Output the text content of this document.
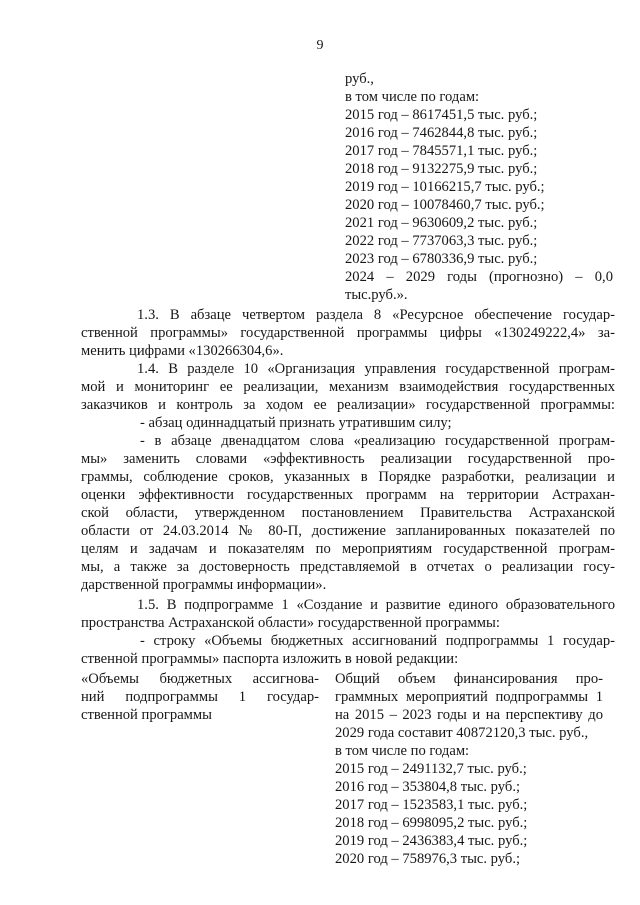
9
руб.,
в том числе по годам:
2015 год – 8617451,5 тыс. руб.;
2016 год – 7462844,8 тыс. руб.;
2017 год – 7845571,1 тыс. руб.;
2018 год – 9132275,9 тыс. руб.;
2019 год – 10166215,7 тыс. руб.;
2020 год – 10078460,7 тыс. руб.;
2021 год – 9630609,2 тыс. руб.;
2022 год – 7737063,3 тыс. руб.;
2023 год – 6780336,9 тыс. руб.;
2024 – 2029 годы (прогнозно) – 0,0
тыс.руб.».
1.3. В абзаце четвертом раздела 8 «Ресурсное обеспечение государ-
ственной программы» государственной программы цифры «130249222,4» за-
менить цифрами «130266304,6».
1.4. В разделе 10 «Организация управления государственной програм-
мой и мониторинг ее реализации, механизм взаимодействия государственных
заказчиков и контроль за ходом ее реализации» государственной программы:
- абзац одиннадцатый признать утратившим силу;
- в абзаце двенадцатом слова «реализацию государственной програм-
мы» заменить словами «эффективность реализации государственной про-
граммы, соблюдение сроков, указанных в Порядке разработки, реализации и
оценки эффективности государственных программ на территории Астрахан-
ской области, утвержденном постановлением Правительства Астраханской
области от 24.03.2014 № 80-П, достижение запланированных показателей по
целям и задачам и показателям по мероприятиям государственной програм-
мы, а также за достоверность представляемой в отчетах о реализации госу-
дарственной программы информации».
1.5. В подпрограмме 1 «Создание и развитие единого образовательного
пространства Астраханской области» государственной программы:
- строку «Объемы бюджетных ассигнований подпрограммы 1 государ-
ственной программы» паспорта изложить в новой редакции:
«Объемы бюджетных ассигнова-
ний подпрограммы 1 государ-
ственной программы
Общий объем финансирования про-
граммных мероприятий подпрограммы 1
на 2015 – 2023 годы и на перспективу до
2029 года составит 40872120,3 тыс. руб.,
в том числе по годам:
2015 год – 2491132,7 тыс. руб.;
2016 год – 353804,8 тыс. руб.;
2017 год – 1523583,1 тыс. руб.;
2018 год – 6998095,2 тыс. руб.;
2019 год – 2436383,4 тыс. руб.;
2020 год – 758976,3 тыс. руб.;
